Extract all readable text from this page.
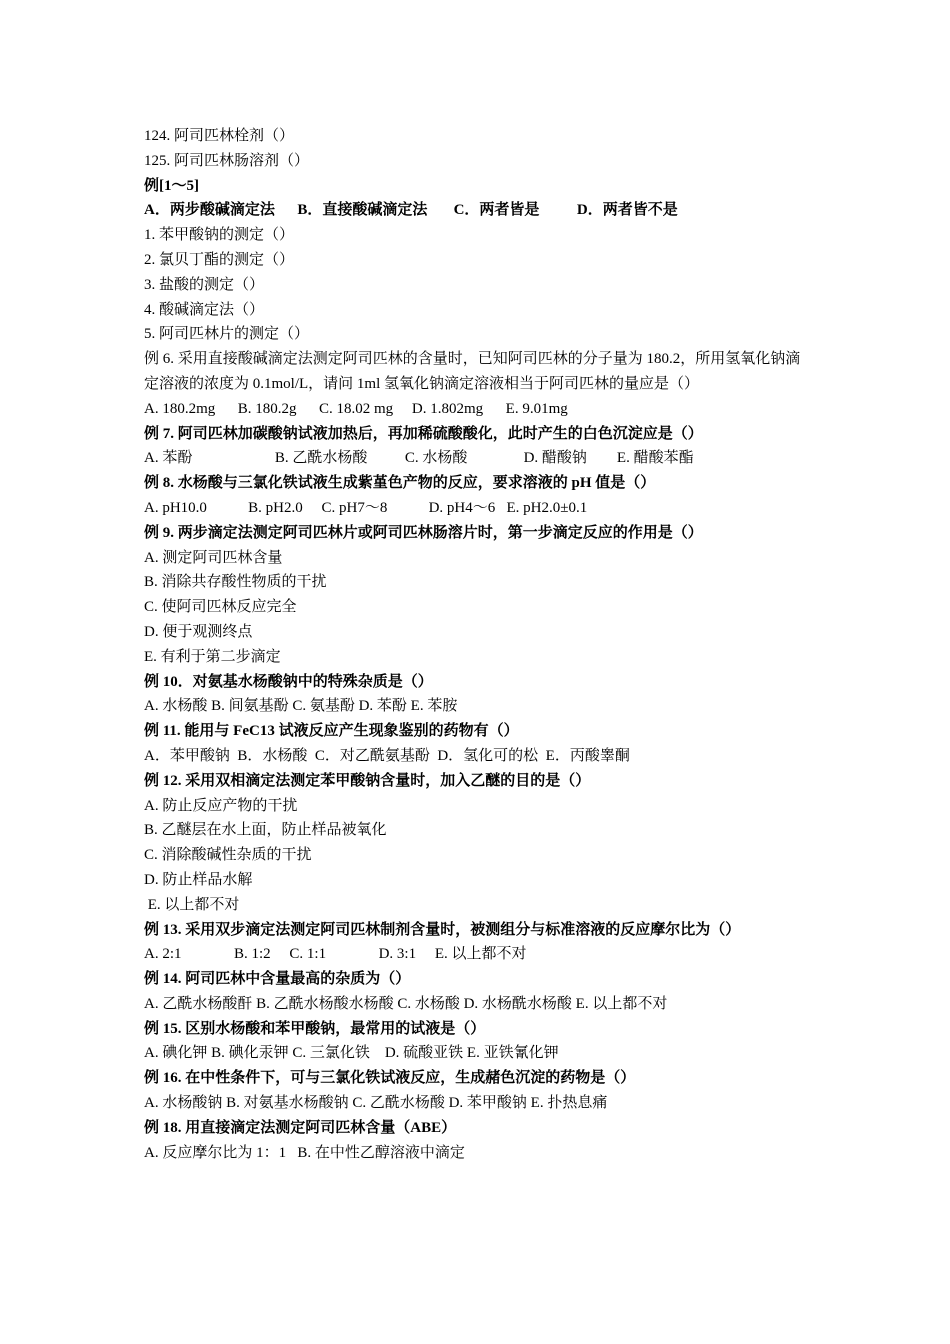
124. 阿司匹林栓剂（）
125. 阿司匹林肠溶剂（）
例[1～5]
A．两步酸碱滴定法      B．直接酸碱滴定法       C．两者皆是          D．两者皆不是
1. 苯甲酸钠的测定（）
2. 氯贝丁酯的测定（）
3. 盐酸的测定（）
4. 酸碱滴定法（）
5. 阿司匹林片的测定（）
例 6. 采用直接酸碱滴定法测定阿司匹林的含量时，已知阿司匹林的分子量为 180.2，所用氢氧化钠滴定溶液的浓度为 0.1mol/L，请问 1ml 氢氧化钠滴定溶液相当于阿司匹林的量应是（）
A. 180.2mg      B. 180.2g      C. 18.02 mg     D. 1.802mg      E. 9.01mg
例 7. 阿司匹林加碳酸钠试液加热后，再加稀硫酸酸化，此时产生的白色沉淀应是（）
A. 苯酚                      B. 乙酰水杨酸          C. 水杨酸               D. 醋酸钠        E. 醋酸苯酯
例 8. 水杨酸与三氯化铁试液生成紫堇色产物的反应，要求溶液的 pH 值是（）
A. pH10.0           B. pH2.0     C. pH7～8           D. pH4～6   E. pH2.0±0.1
例 9. 两步滴定法测定阿司匹林片或阿司匹林肠溶片时，第一步滴定反应的作用是（）
A. 测定阿司匹林含量
B. 消除共存酸性物质的干扰
C. 使阿司匹林反应完全
D. 便于观测终点
E. 有利于第二步滴定
例 10．对氨基水杨酸钠中的特殊杂质是（）
A. 水杨酸 B. 间氨基酚 C. 氨基酚 D. 苯酚 E. 苯胺
例 11. 能用与 FeC13 试液反应产生现象鉴别的药物有（）
A．苯甲酸钠  B．水杨酸  C．对乙酰氨基酚  D．氢化可的松  E．丙酸睾酮
例 12. 采用双相滴定法测定苯甲酸钠含量时，加入乙醚的目的是（）
A. 防止反应产物的干扰
B. 乙醚层在水上面，防止样品被氧化
C. 消除酸碱性杂质的干扰
D. 防止样品水解
E. 以上都不对
例 13. 采用双步滴定法测定阿司匹林制剂含量时，被测组分与标准溶液的反应摩尔比为（）
A. 2:1              B. 1:2     C. 1:1              D. 3:1     E. 以上都不对
例 14. 阿司匹林中含量最高的杂质为（）
A. 乙酰水杨酸酐 B. 乙酰水杨酸水杨酸 C. 水杨酸 D. 水杨酰水杨酸 E. 以上都不对
例 15. 区别水杨酸和苯甲酸钠，最常用的试液是（）
A. 碘化钾 B. 碘化汞钾 C. 三氯化铁    D. 硫酸亚铁 E. 亚铁氰化钾
例 16. 在中性条件下，可与三氯化铁试液反应，生成赭色沉淀的药物是（）
A. 水杨酸钠 B. 对氨基水杨酸钠 C. 乙酰水杨酸 D. 苯甲酸钠 E. 扑热息痛
例 18. 用直接滴定法测定阿司匹林含量（ABE）
A. 反应摩尔比为 1：1   B. 在中性乙醇溶液中滴定
